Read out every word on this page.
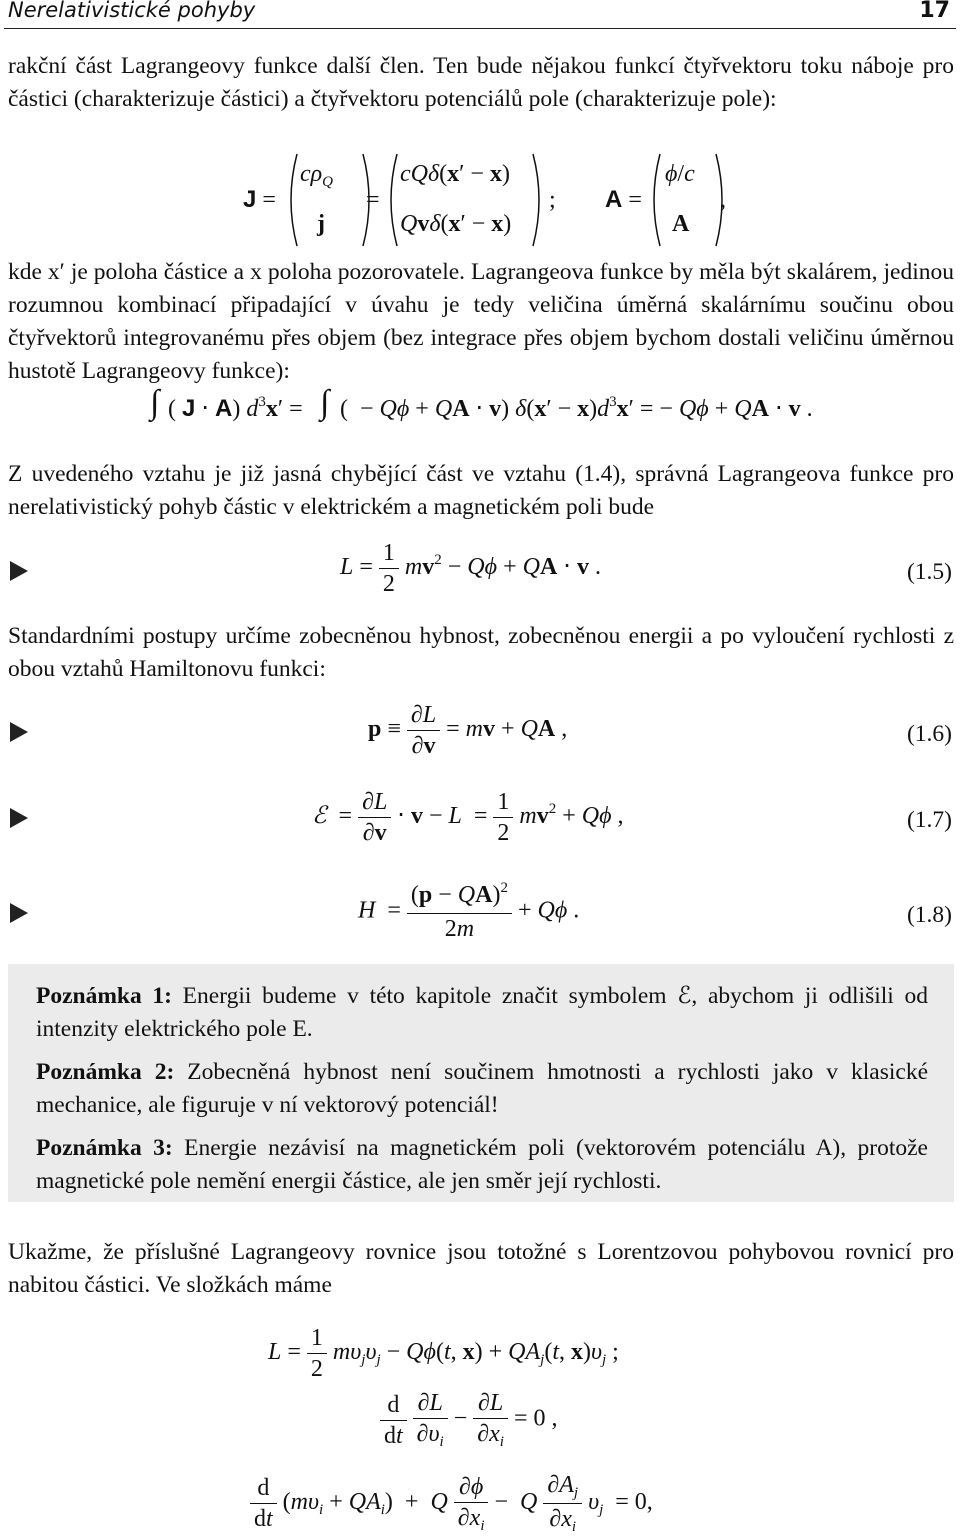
Nerelativistické pohyby	17
rakční část Lagrangeovy funkce další člen. Ten bude nějakou funkcí čtyřvektoru toku náboje pro částici (charakterizuje částici) a čtyřvektoru potenciálů pole (charakterizuje pole):
J =
$c\rho_Q$
j
=
cQδ(x′ − x)
Qvδ(x′ − x)
; A =
ϕ/c
A
,
kde x′ je poloha částice a x poloha pozorovatele. Lagrangeova funkce by měla být skalárem, jedinou rozumnou kombinací připadající v úvahu je tedy veličina úměrná skalárnímu součinu obou čtyřvektorů integrovanému přes objem (bez integrace přes objem bychom dostali veličinu úměrnou hustotě Lagrangeovy funkce):
∫ ( J ⋅ A) $d^3x'$ = ∫ (  − Qϕ + QA ⋅ v) $\delta(x' - x)d^3x'$ = − Qϕ + QA ⋅ v .
Z uvedeného vztahu je již jasná chybějící část ve vztahu (1.4), správná Lagrangeova funkce pro nerelativistický pohyb částic v elektrickém a magnetickém poli bude
$L = \frac{1}{2} mv^2 - Q\phi$ + QA ⋅ v .	(1.5)
Standardními postupy určíme zobecněnou hybnost, zobecněnou energii a po vyloučení rychlosti z obou vztahů Hamiltonovu funkci:
$p \equiv \frac{\partial L}{\partial v}$ = mv + QA ,	(1.6)
ℰ  = $\frac{\partial L}{\partial v} \cdot v - L = \frac{1}{2} mv^2 + Q\phi$ ,	(1.7)
$H = \frac{(p - QA)^2}{2m} + Q\phi$ .	(1.8)
Poznámka 1: Energii budeme v této kapitole značit symbolem ℰ, abychom ji odlišili od intenzity elektrického pole E.
Poznámka 2: Zobecněná hybnost není součinem hmotnosti a rychlosti jako v klasické mechanice, ale figuruje v ní vektorový potenciál!
Poznámka 3: Energie nezávisí na magnetickém poli (vektorovém potenciálu A), protože magnetické pole nemění energii částice, ale jen směr její rychlosti.
Ukažme, že příslušné Lagrangeovy rovnice jsou totožné s Lorentzovou pohybovou rovnicí pro nabitou částici. Ve složkách máme
$L = \frac{1}{2} m\upsilon_j\upsilon_j - Q\phi(t$, $x) + QA_j(t$, $x)\upsilon_j$ ;
$\frac{d}{dt}$
$\frac{\partial L}{\partial\upsilon_i} - \frac{\partial L}{\partial x_i} = 0$ ,
$\frac{d}{dt} (m\upsilon_i + QA_i) + Q \frac{\partial\phi}{\partial x_i} - Q \frac{\partial A_j}{\partial x_i} \upsilon_j = 0$,
